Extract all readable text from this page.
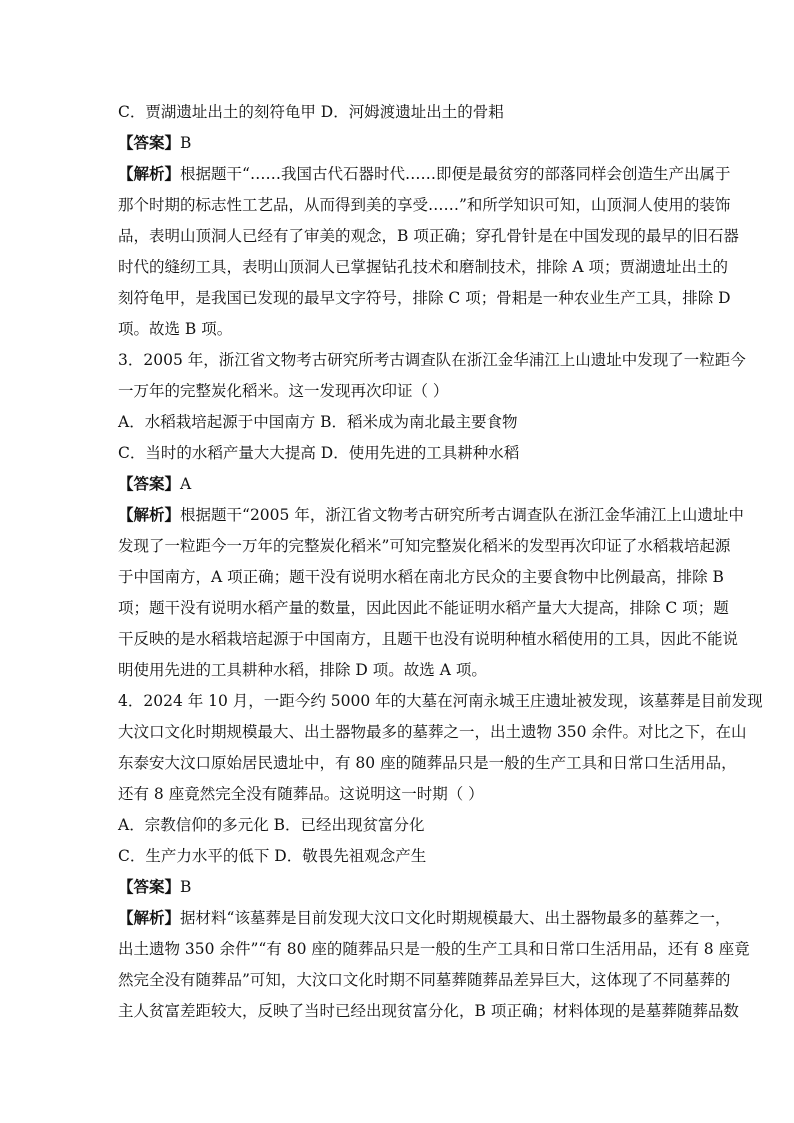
C．贾湖遗址出土的刻符龟甲 D．河姆渡遗址出土的骨耜
【答案】B
【解析】根据题干“……我国古代石器时代……即便是最贫穷的部落同样会创造生产出属于
那个时期的标志性工艺品，从而得到美的享受……”和所学知识可知，山顶洞人使用的装饰
品，表明山顶洞人已经有了审美的观念，B 项正确；穿孔骨针是在中国发现的最早的旧石器
时代的缝纫工具，表明山顶洞人已掌握钻孔技术和磨制技术，排除 A 项；贾湖遗址出土的
刻符龟甲，是我国已发现的最早文字符号，排除 C 项；骨耜是一种农业生产工具，排除 D
项。故选 B 项。
3．2005 年，浙江省文物考古研究所考古调查队在浙江金华浦江上山遗址中发现了一粒距今
一万年的完整炭化稻米。这一发现再次印证（ ）
A．水稻栽培起源于中国南方 B．稻米成为南北最主要食物
C．当时的水稻产量大大提高 D．使用先进的工具耕种水稻
【答案】A
【解析】根据题干“2005 年，浙江省文物考古研究所考古调查队在浙江金华浦江上山遗址中
发现了一粒距今一万年的完整炭化稻米”可知完整炭化稻米的发型再次印证了水稻栽培起源
于中国南方，A 项正确；题干没有说明水稻在南北方民众的主要食物中比例最高，排除 B
项；题干没有说明水稻产量的数量，因此因此不能证明水稻产量大大提高，排除 C 项；题
干反映的是水稻栽培起源于中国南方，且题干也没有说明种植水稻使用的工具，因此不能说
明使用先进的工具耕种水稻，排除 D 项。故选 A 项。
4．2024 年 10 月，一距今约 5000 年的大墓在河南永城王庄遗址被发现，该墓葬是目前发现
大汶口文化时期规模最大、出土器物最多的墓葬之一，出土遗物 350 余件。对比之下，在山
东泰安大汶口原始居民遗址中，有 80 座的随葬品只是一般的生产工具和日常口生活用品，
还有 8 座竟然完全没有随葬品。这说明这一时期（ ）
A．宗教信仰的多元化 B．已经出现贫富分化
C．生产力水平的低下 D．敬畏先祖观念产生
【答案】B
【解析】据材料“该墓葬是目前发现大汶口文化时期规模最大、出土器物最多的墓葬之一，
出土遗物 350 余件”“有 80 座的随葬品只是一般的生产工具和日常口生活用品，还有 8 座竟
然完全没有随葬品”可知，大汶口文化时期不同墓葬随葬品差异巨大，这体现了不同墓葬的
主人贫富差距较大，反映了当时已经出现贫富分化，B 项正确；材料体现的是墓葬随葬品数
